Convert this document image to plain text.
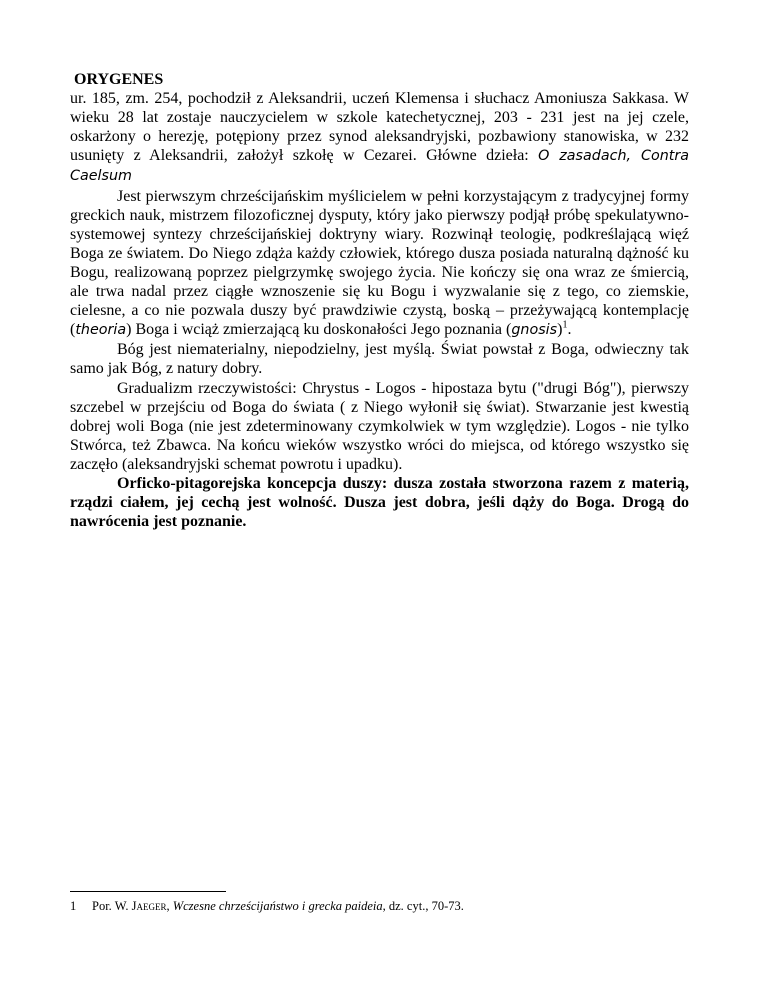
ORYGENES

ur. 185, zm. 254, pochodził z Aleksandrii, uczeń Klemensa i słuchacz Amoniusza Sakkasa. W wieku 28 lat zostaje nauczycielem w szkole katechetycznej, 203 - 231 jest na jej czele, oskarżony o herezję, potępiony przez synod aleksandryjski, pozbawiony stanowiska, w 232 usunięty z Aleksandrii, założył szkołę w Cezarei. Główne dzieła: O zasadach, Contra Caelsum

Jest pierwszym chrześcijańskim myślicielem w pełni korzystającym z tradycyjnej formy greckich nauk, mistrzem filozoficznej dysputy, który jako pierwszy podjął próbę spekulatywno-systemowej syntezy chrześcijańskiej doktryny wiary. Rozwinął teologię, podkreślającą więź Boga ze światem. Do Niego zdąża każdy człowiek, którego dusza posiada naturalną dążność ku Bogu, realizowaną poprzez pielgrzymkę swojego życia. Nie kończy się ona wraz ze śmiercią, ale trwa nadal przez ciągłe wznoszenie się ku Bogu i wyzwalanie się z tego, co ziemskie, cielesne, a co nie pozwala duszy być prawdziwie czystą, boską – przeżywającą kontemplację (theoria) Boga i wciąż zmierzającą ku doskonałości Jego poznania (gnosis)$^1$.

Bóg jest niematerialny, niepodzielny, jest myślą. Świat powstał z Boga, odwieczny tak samo jak Bóg, z natury dobry.

Gradualizm rzeczywistości: Chrystus - Logos - hipostaza bytu ("drugi Bóg"), pierwszy szczebel w przejściu od Boga do świata ( z Niego wyłonił się świat). Stwarzanie jest kwestią dobrej woli Boga (nie jest zdeterminowany czymkolwiek w tym względzie). Logos - nie tylko Stwórca, też Zbawca. Na końcu wieków wszystko wróci do miejsca, od którego wszystko się zaczęło (aleksandryjski schemat powrotu i upadku).

Orficko-pitagorejska koncepcja duszy: dusza została stworzona razem z materią, rządzi ciałem, jej cechą jest wolność. Dusza jest dobra, jeśli dąży do Boga. Drogą do nawrócenia jest poznanie.

1 Por. W. Jaeger, Wczesne chrześcijaństwo i grecka paideia, dz. cyt., 70-73.
